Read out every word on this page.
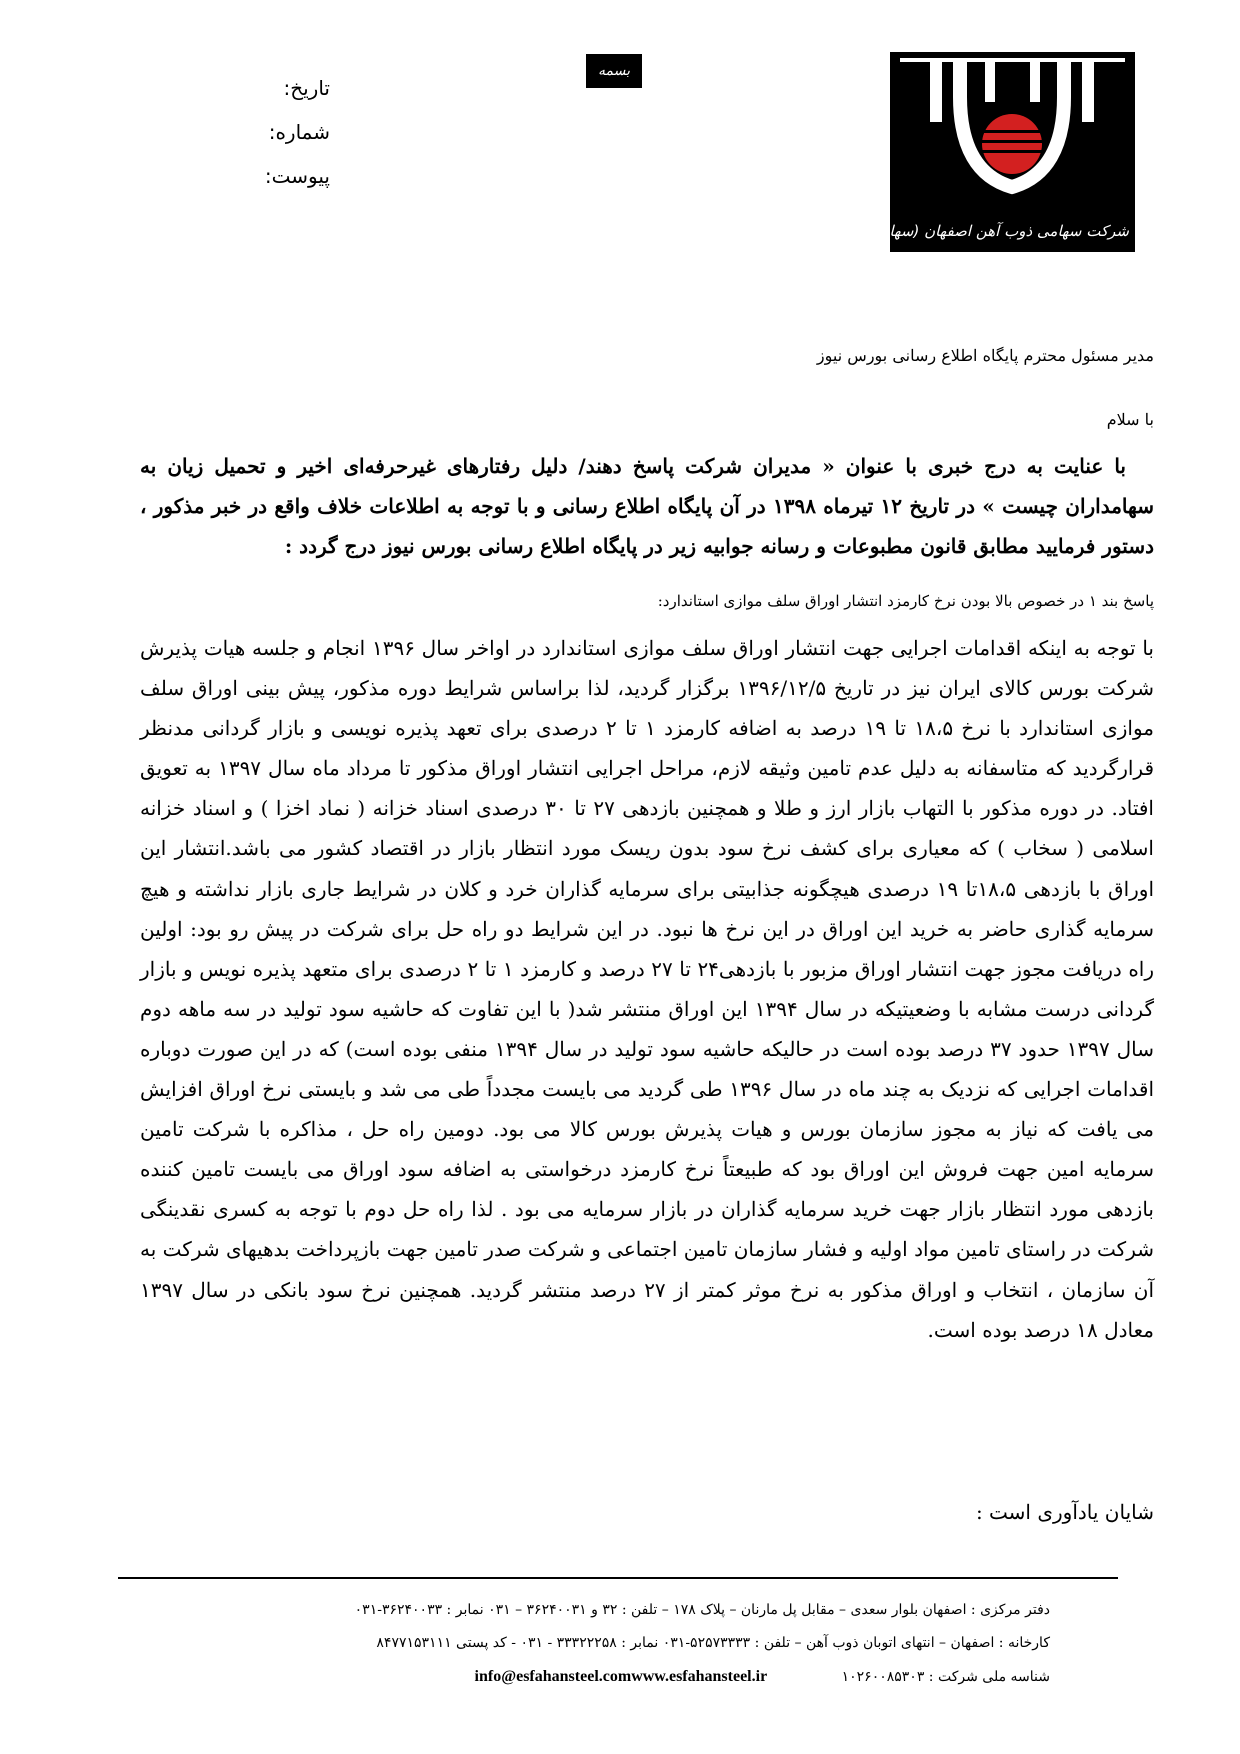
شرکت سهامی ذوب آهن اصفهان (سهامی عام)
بسمه تعالی
تاریخ:
شماره:
پیوست:
مدیر مسئول محترم پایگاه اطلاع رسانی بورس نیوز
با سلام
با عنایت به درج خبری با عنوان « مدیران شرکت پاسخ دهند/ دلیل رفتارهای غیرحرفه‌ای اخیر و تحمیل زیان به سهامداران چیست » در تاریخ ۱۲ تیرماه ۱۳۹۸ در آن پایگاه اطلاع رسانی و با توجه به اطلاعات خلاف واقع در خبر مذکور ، دستور فرمایید مطابق قانون مطبوعات و رسانه جوابیه زیر در پایگاه اطلاع رسانی بورس نیوز درج گردد :
پاسخ بند ۱ در خصوص بالا بودن نرخ کارمزد انتشار اوراق سلف موازی استاندارد:
با توجه به اینکه اقدامات اجرایی جهت انتشار اوراق سلف موازی استاندارد در اواخر سال ۱۳۹۶ انجام و جلسه هیات پذیرش شرکت بورس کالای ایران نیز در تاریخ ۱۳۹۶/۱۲/۵ برگزار گردید، لذا براساس شرایط دوره مذکور، پیش بینی اوراق سلف موازی استاندارد با نرخ ۱۸،۵ تا ۱۹ درصد به اضافه کارمزد ۱ تا ۲ درصدی برای تعهد پذیره نویسی و بازار گردانی مدنظر قرارگردید که متاسفانه به دلیل عدم تامین وثیقه لازم، مراحل اجرایی انتشار اوراق مذکور تا مرداد ماه سال ۱۳۹۷ به تعویق افتاد. در دوره مذکور با التهاب بازار ارز و طلا و همچنین بازدهی ۲۷ تا ۳۰ درصدی اسناد خزانه ( نماد اخزا ) و اسناد خزانه اسلامی ( سخاب ) که معیاری برای کشف نرخ سود بدون ریسک مورد انتظار بازار در اقتصاد کشور می باشد.انتشار این اوراق با بازدهی ۱۸،۵تا ۱۹ درصدی هیچگونه جذابیتی برای سرمایه گذاران خرد و کلان در شرایط جاری بازار نداشته و هیچ سرمایه گذاری حاضر به خرید این اوراق در این نرخ ها نبود. در این شرایط دو راه حل برای شرکت در پیش رو بود: اولین راه دریافت مجوز جهت انتشار اوراق مزبور با بازدهی۲۴ تا ۲۷ درصد و کارمزد ۱ تا ۲ درصدی برای متعهد پذیره نویس و بازار گردانی درست مشابه با وضعیتیکه در سال ۱۳۹۴ این اوراق منتشر شد( با این تفاوت که حاشیه سود تولید در سه ماهه دوم سال ۱۳۹۷ حدود ۳۷ درصد بوده است در حالیکه حاشیه سود تولید در سال ۱۳۹۴ منفی بوده است) که در این صورت دوباره اقدامات اجرایی که نزدیک به چند ماه در سال ۱۳۹۶ طی گردید می بایست مجدداً طی می شد و بایستی نرخ اوراق افزایش می یافت که نیاز به مجوز سازمان بورس و هیات پذیرش بورس کالا می بود. دومین راه حل ، مذاکره با شرکت تامین سرمایه امین جهت فروش این اوراق بود که طبیعتاً نرخ کارمزد درخواستی به اضافه سود اوراق می بایست تامین کننده بازدهی مورد انتظار بازار جهت خرید سرمایه گذاران در بازار سرمایه می بود . لذا راه حل دوم با توجه به کسری نقدینگی شرکت در راستای تامین مواد اولیه و فشار سازمان تامین اجتماعی و شرکت صدر تامین جهت بازپرداخت بدهیهای شرکت به آن سازمان ، انتخاب و اوراق مذکور به نرخ موثر کمتر از ۲۷ درصد منتشر گردید. همچنین نرخ سود بانکی در سال ۱۳۹۷ معادل ۱۸ درصد بوده است.
شایان یادآوری است :
دفتر مرکزی : اصفهان بلوار سعدی – مقابل پل مارنان – پلاک ۱۷۸ – تلفن : ۳۲ و ۳۶۲۴۰۰۳۱ – ۰۳۱ نمابر : ۳۶۲۴۰۰۳۳-۰۳۱
کارخانه : اصفهان – انتهای اتوبان ذوب آهن – تلفن : ۵۲۵۷۳۳۳۳-۰۳۱ نمابر : ۳۳۳۲۲۲۵۸ - ۰۳۱ - کد پستی ۸۴۷۷۱۵۳۱۱۱
شناسه ملی شرکت : ۱۰۲۶۰۰۸۵۳۰۳ info@esfahansteel.comwww.esfahansteel.ir
